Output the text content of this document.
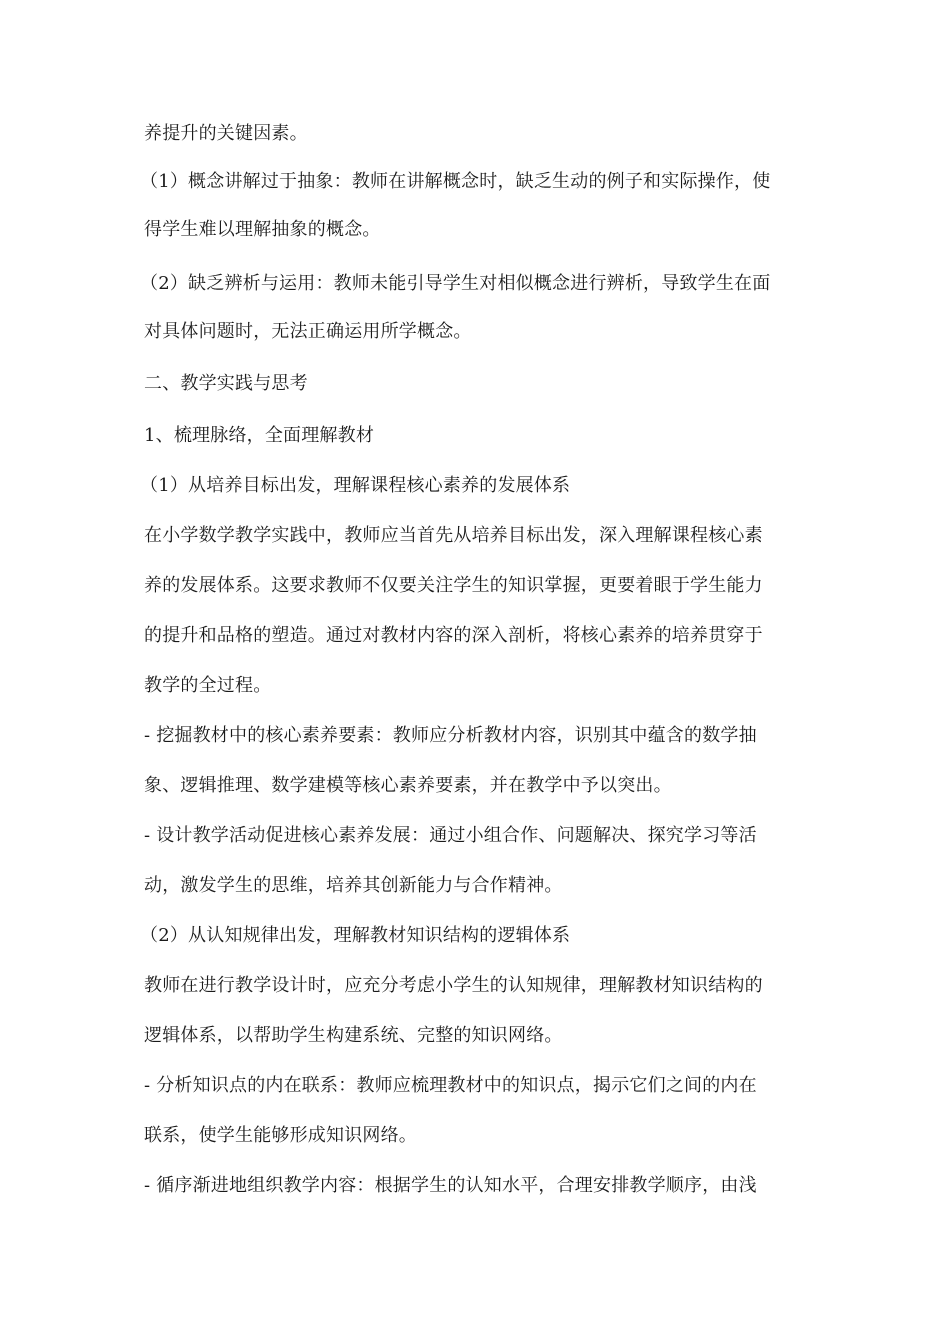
养提升的关键因素。
（1）概念讲解过于抽象：教师在讲解概念时，缺乏生动的例子和实际操作，使
得学生难以理解抽象的概念。
（2）缺乏辨析与运用：教师未能引导学生对相似概念进行辨析，导致学生在面
对具体问题时，无法正确运用所学概念。
二、教学实践与思考
1、梳理脉络，全面理解教材
（1）从培养目标出发，理解课程核心素养的发展体系
在小学数学教学实践中，教师应当首先从培养目标出发，深入理解课程核心素
养的发展体系。这要求教师不仅要关注学生的知识掌握，更要着眼于学生能力
的提升和品格的塑造。通过对教材内容的深入剖析，将核心素养的培养贯穿于
教学的全过程。
- 挖掘教材中的核心素养要素：教师应分析教材内容，识别其中蕴含的数学抽
象、逻辑推理、数学建模等核心素养要素，并在教学中予以突出。
- 设计教学活动促进核心素养发展：通过小组合作、问题解决、探究学习等活
动，激发学生的思维，培养其创新能力与合作精神。
（2）从认知规律出发，理解教材知识结构的逻辑体系
教师在进行教学设计时，应充分考虑小学生的认知规律，理解教材知识结构的
逻辑体系，以帮助学生构建系统、完整的知识网络。
- 分析知识点的内在联系：教师应梳理教材中的知识点，揭示它们之间的内在
联系，使学生能够形成知识网络。
- 循序渐进地组织教学内容：根据学生的认知水平，合理安排教学顺序，由浅
